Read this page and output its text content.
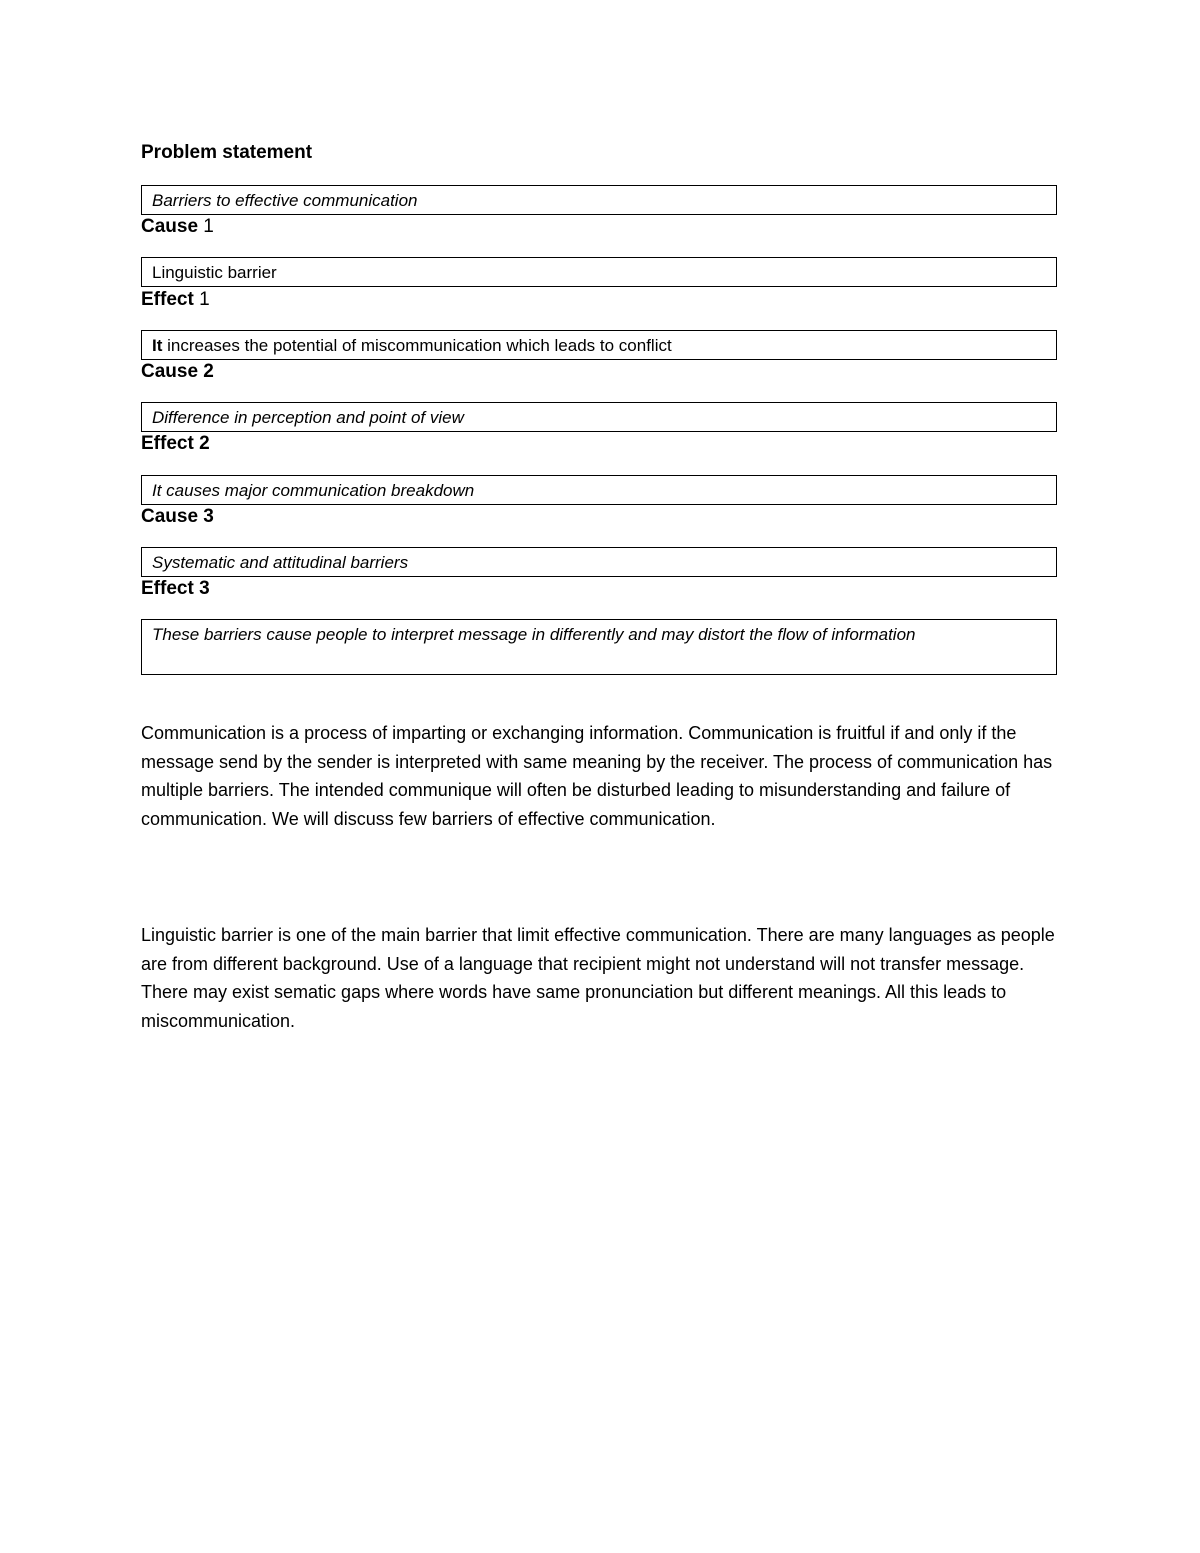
Problem statement
Barriers to effective communication
Cause 1
Linguistic barrier
Effect 1
It increases the potential of miscommunication which leads to conflict
Cause 2
Difference in perception and point of view
Effect 2
It causes major communication breakdown
Cause 3
Systematic and attitudinal barriers
Effect 3
These barriers cause people to interpret message in differently and may distort the flow of information
Communication is a process of imparting or exchanging information. Communication is fruitful if and only if the message send by the sender is interpreted with same meaning by the receiver. The process of communication has multiple barriers. The intended communique will often be disturbed leading to misunderstanding and failure of communication. We will discuss few barriers of effective communication.
Linguistic barrier is one of the main barrier that limit effective communication. There are many languages as people are from different background. Use of a language that recipient might not understand will not transfer message. There may exist sematic gaps where words have same pronunciation but different meanings. All this leads to miscommunication.
